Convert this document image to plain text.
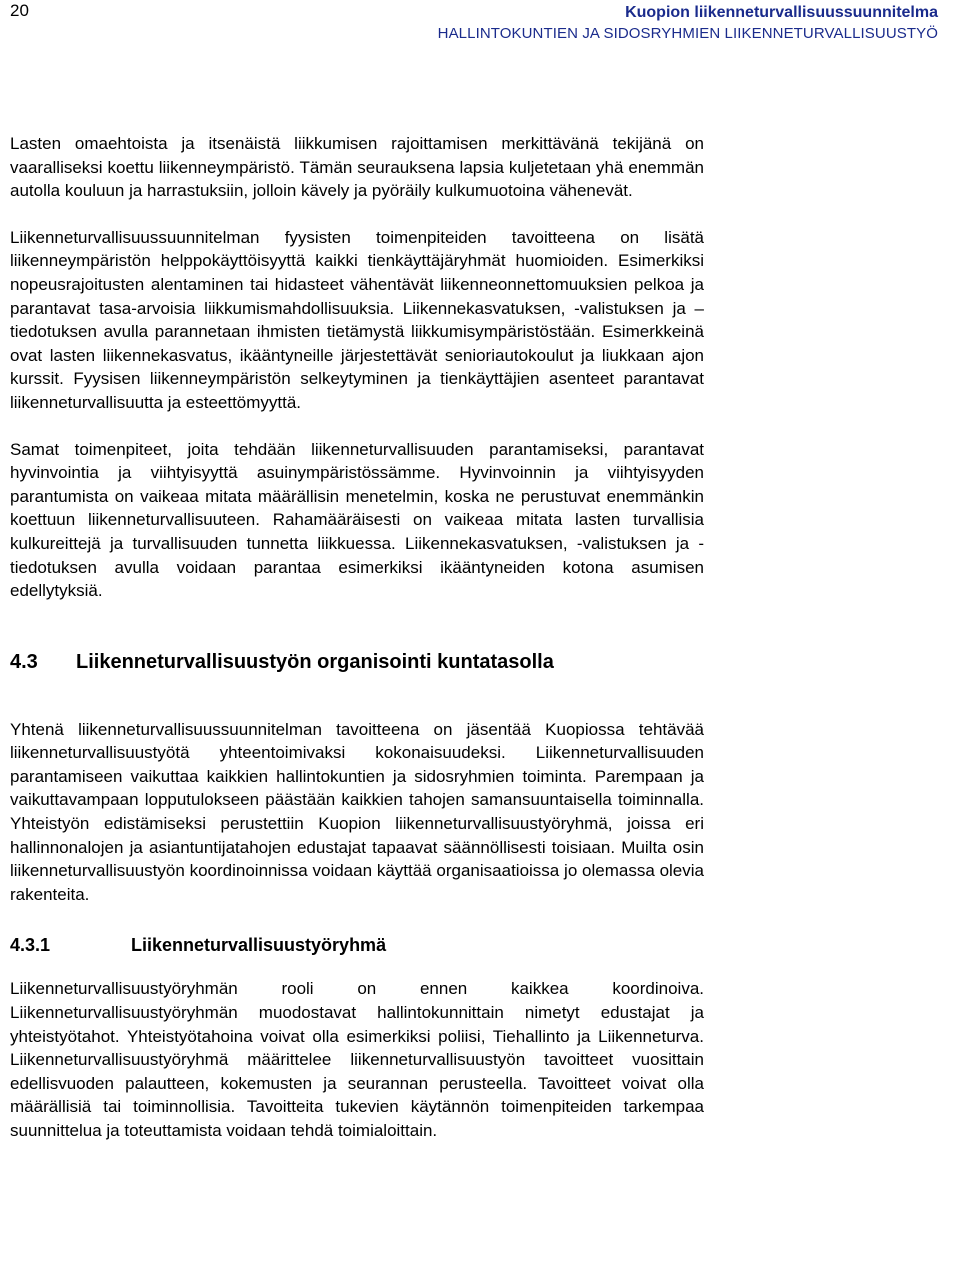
20	Kuopion liikenneturvallisuussuunnitelma
HALLINTOKUNTIEN JA SIDOSRYHMIEN LIIKENNETURVALLISUUSTYÖ

Lasten omaehtoista ja itsenäistä liikkumisen rajoittamisen merkittävänä tekijänä on vaaralliseksi koettu liikenneympäristö. Tämän seurauksena lapsia kuljetetaan yhä enemmän autolla kouluun ja harrastuksiin, jolloin kävely ja pyöräily kulkumuotoina vähenevät.

Liikenneturvallisuussuunnitelman fyysisten toimenpiteiden tavoitteena on lisätä liikenneympäristön helppokäyttöisyyttä kaikki tienkäyttäjäryhmät huomioiden. Esimerkiksi nopeusrajoitusten alentaminen tai hidasteet vähentävät liikenneonnettomuuksien pelkoa ja parantavat tasa-arvoisia liikkumismahdollisuuksia. Liikennekasvatuksen, -valistuksen ja –tiedotuksen avulla parannetaan ihmisten tietämystä liikkumisympäristöstään. Esimerkkeinä ovat lasten liikennekasvatus, ikääntyneille järjestettävät senioriautokoulut ja liukkaan ajon kurssit. Fyysisen liikenneympäristön selkeytyminen ja tienkäyttäjien asenteet parantavat liikenneturvallisuutta ja esteettömyyttä.

Samat toimenpiteet, joita tehdään liikenneturvallisuuden parantamiseksi, parantavat hyvinvointia ja viihtyisyyttä asuinympäristössämme. Hyvinvoinnin ja viihtyisyyden parantumista on vaikeaa mitata määrällisin menetelmin, koska ne perustuvat enemmänkin koettuun liikenneturvallisuuteen. Rahamääräisesti on vaikeaa mitata lasten turvallisia kulkureittejä ja turvallisuuden tunnetta liikkuessa. Liikennekasvatuksen, -valistuksen ja -tiedotuksen avulla voidaan parantaa esimerkiksi ikääntyneiden kotona asumisen edellytyksiä.

4.3	Liikenneturvallisuustyön organisointi kuntatasolla

Yhtenä liikenneturvallisuussuunnitelman tavoitteena on jäsentää Kuopiossa tehtävää liikenneturvallisuustyötä yhteentoimivaksi kokonaisuudeksi. Liikenneturvallisuuden parantamiseen vaikuttaa kaikkien hallintokuntien ja sidosryhmien toiminta. Parempaan ja vaikuttavampaan lopputulokseen päästään kaikkien tahojen samansuuntaisella toiminnalla. Yhteistyön edistämiseksi perustettiin Kuopion liikenneturvallisuustyöryhmä, joissa eri hallinnonalojen ja asiantuntijatahojen edustajat tapaavat säännöllisesti toisiaan. Muilta osin liikenneturvallisuustyön koordinoinnissa voidaan käyttää organisaatioissa jo olemassa olevia rakenteita.

4.3.1	Liikenneturvallisuustyöryhmä

Liikenneturvallisuustyöryhmän rooli on ennen kaikkea koordinoiva. Liikenneturvallisuustyöryhmän muodostavat hallintokunnittain nimetyt edustajat ja yhteistyötahot. Yhteistyötahoina voivat olla esimerkiksi poliisi, Tiehallinto ja Liikenneturva. Liikenneturvallisuustyöryhmä määrittelee liikenneturvallisuustyön tavoitteet vuosittain edellisvuoden palautteen, kokemusten ja seurannan perusteella. Tavoitteet voivat olla määrällisiä tai toiminnollisia. Tavoitteita tukevien käytännön toimenpiteiden tarkempaa suunnittelua ja toteuttamista voidaan tehdä toimialoittain.
